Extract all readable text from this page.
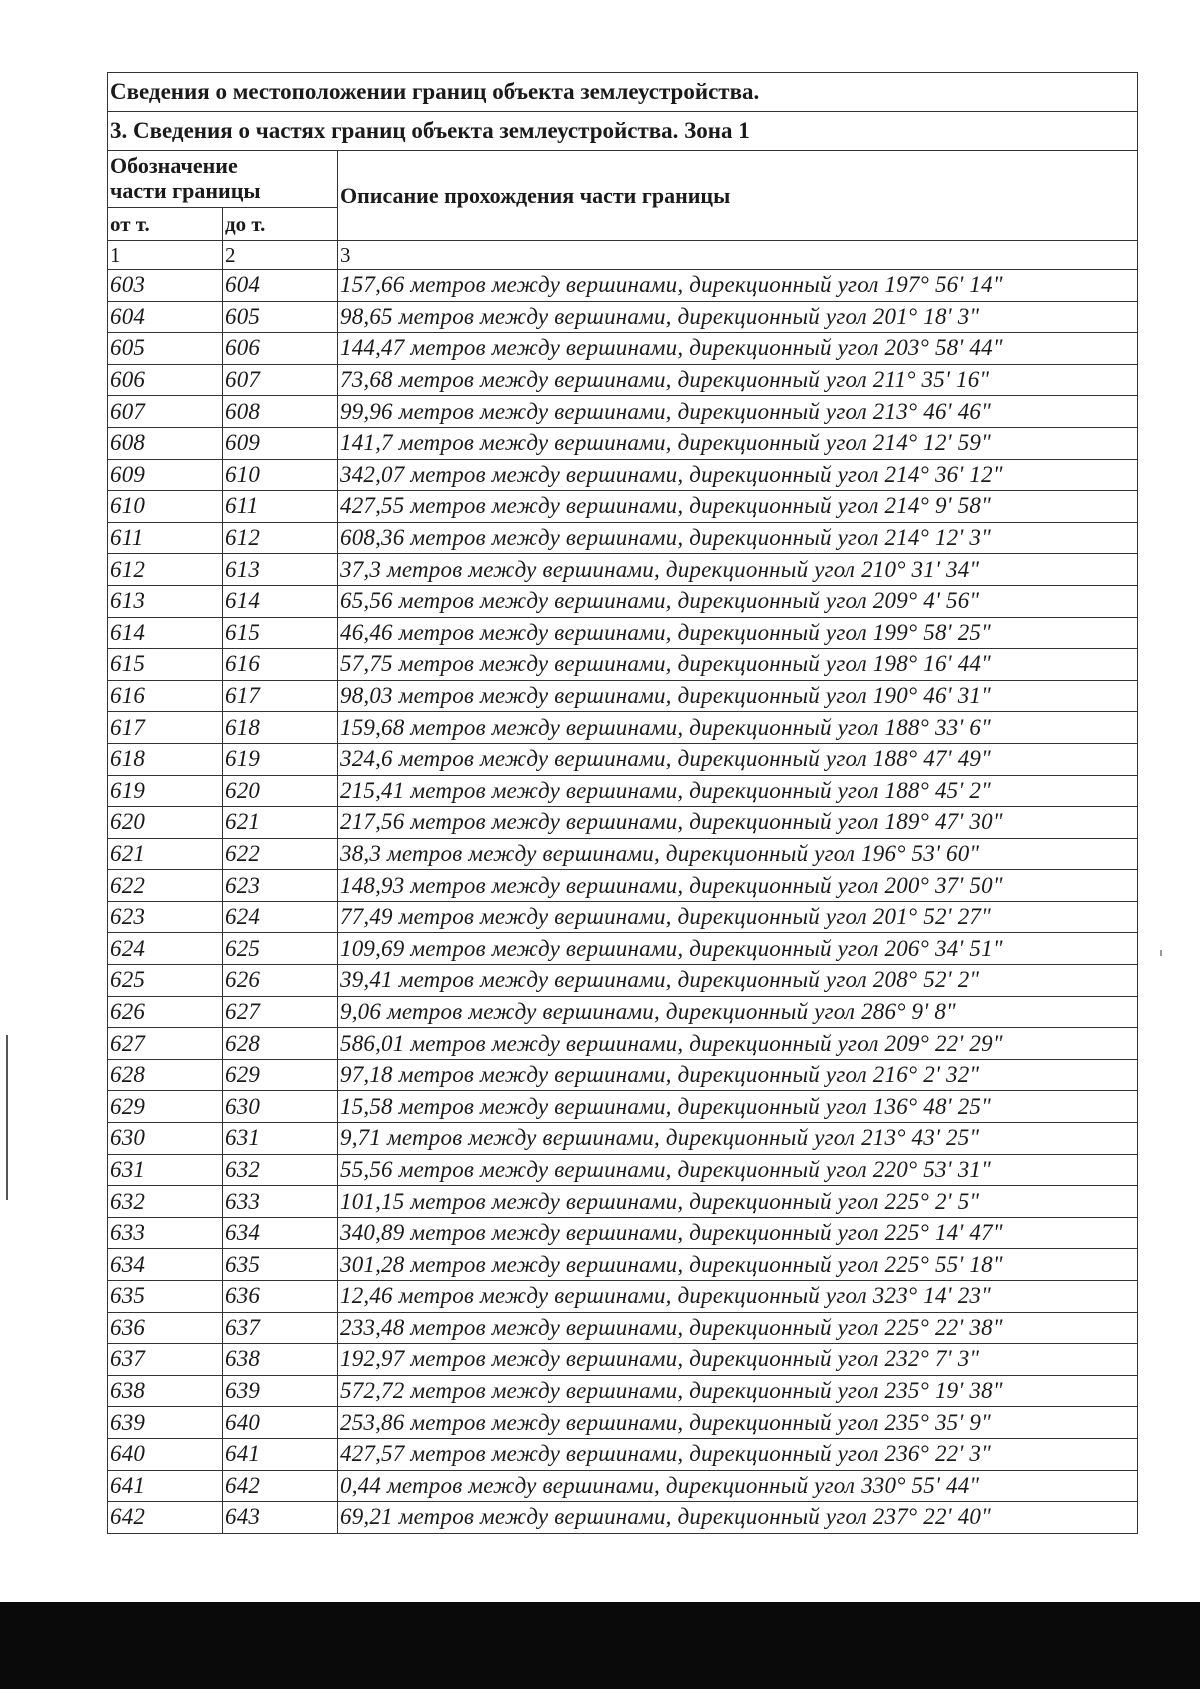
Сведения о местоположении границ объекта землеустройства.		
3. Сведения о частях границ объекта землеустройства. Зона 1		
Обозначение
части границы		Описание прохождения части границы
от т.	до т.	
1	2	3
603	604	157,66 метров между вершинами, дирекционный угол 197° 56' 14"
604	605	98,65 метров между вершинами, дирекционный угол 201° 18' 3"
605	606	144,47 метров между вершинами, дирекционный угол 203° 58' 44"
606	607	73,68 метров между вершинами, дирекционный угол 211° 35' 16"
607	608	99,96 метров между вершинами, дирекционный угол 213° 46' 46"
608	609	141,7 метров между вершинами, дирекционный угол 214° 12' 59"
609	610	342,07 метров между вершинами, дирекционный угол 214° 36' 12"
610	611	427,55 метров между вершинами, дирекционный угол 214° 9' 58"
611	612	608,36 метров между вершинами, дирекционный угол 214° 12' 3"
612	613	37,3 метров между вершинами, дирекционный угол 210° 31' 34"
613	614	65,56 метров между вершинами, дирекционный угол 209° 4' 56"
614	615	46,46 метров между вершинами, дирекционный угол 199° 58' 25"
615	616	57,75 метров между вершинами, дирекционный угол 198° 16' 44"
616	617	98,03 метров между вершинами, дирекционный угол 190° 46' 31"
617	618	159,68 метров между вершинами, дирекционный угол 188° 33' 6"
618	619	324,6 метров между вершинами, дирекционный угол 188° 47' 49"
619	620	215,41 метров между вершинами, дирекционный угол 188° 45' 2"
620	621	217,56 метров между вершинами, дирекционный угол 189° 47' 30"
621	622	38,3 метров между вершинами, дирекционный угол 196° 53' 60"
622	623	148,93 метров между вершинами, дирекционный угол 200° 37' 50"
623	624	77,49 метров между вершинами, дирекционный угол 201° 52' 27"
624	625	109,69 метров между вершинами, дирекционный угол 206° 34' 51"
625	626	39,41 метров между вершинами, дирекционный угол 208° 52' 2"
626	627	9,06 метров между вершинами, дирекционный угол 286° 9' 8"
627	628	586,01 метров между вершинами, дирекционный угол 209° 22' 29"
628	629	97,18 метров между вершинами, дирекционный угол 216° 2' 32"
629	630	15,58 метров между вершинами, дирекционный угол 136° 48' 25"
630	631	9,71 метров между вершинами, дирекционный угол 213° 43' 25"
631	632	55,56 метров между вершинами, дирекционный угол 220° 53' 31"
632	633	101,15 метров между вершинами, дирекционный угол 225° 2' 5"
633	634	340,89 метров между вершинами, дирекционный угол 225° 14' 47"
634	635	301,28 метров между вершинами, дирекционный угол 225° 55' 18"
635	636	12,46 метров между вершинами, дирекционный угол 323° 14' 23"
636	637	233,48 метров между вершинами, дирекционный угол 225° 22' 38"
637	638	192,97 метров между вершинами, дирекционный угол 232° 7' 3"
638	639	572,72 метров между вершинами, дирекционный угол 235° 19' 38"
639	640	253,86 метров между вершинами, дирекционный угол 235° 35' 9"
640	641	427,57 метров между вершинами, дирекционный угол 236° 22' 3"
641	642	0,44 метров между вершинами, дирекционный угол 330° 55' 44"
642	643	69,21 метров между вершинами, дирекционный угол 237° 22' 40"
